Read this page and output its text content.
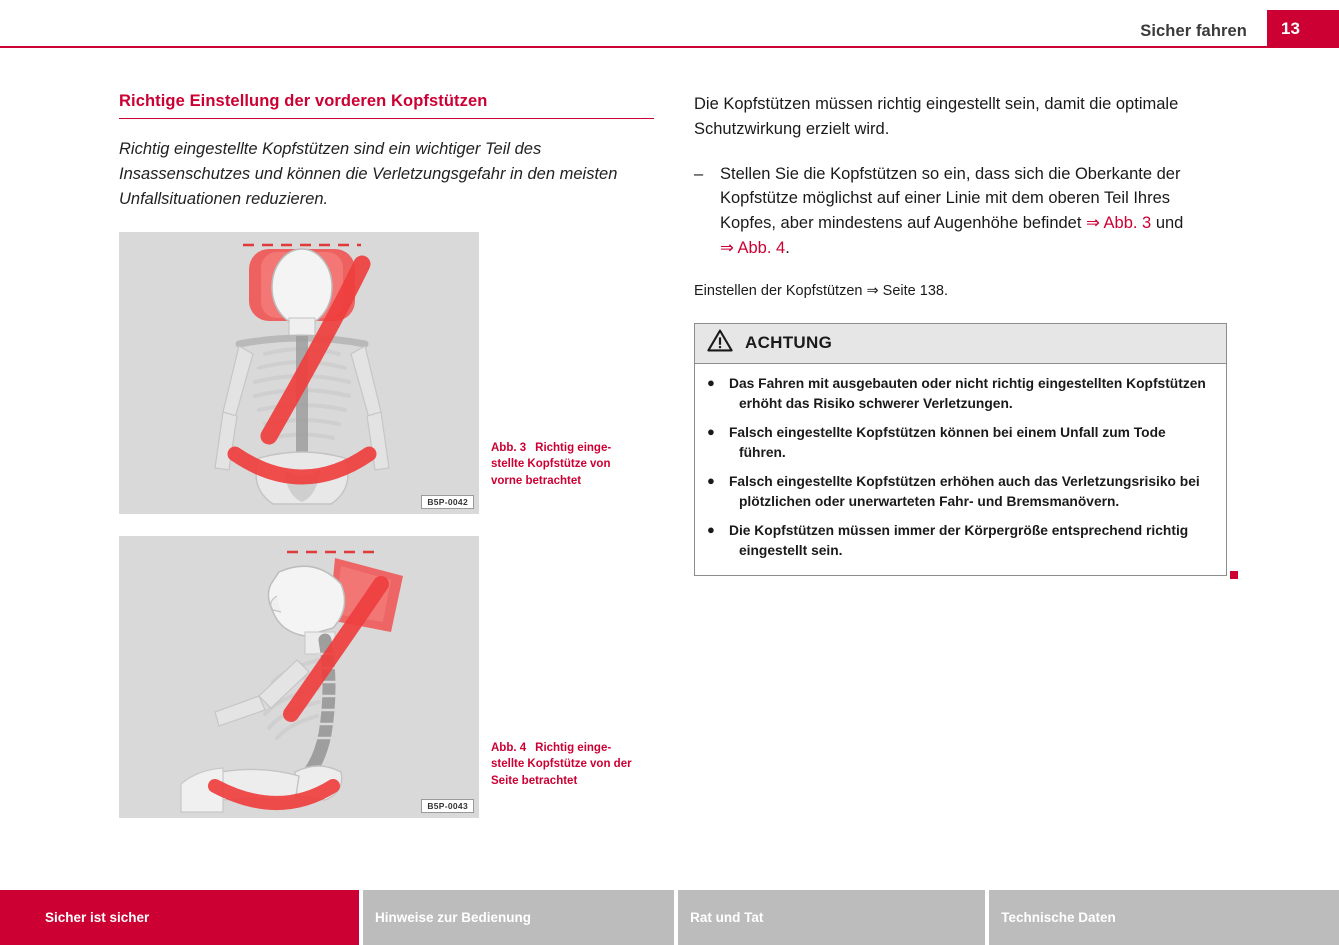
Sicher fahren	13
Richtige Einstellung der vorderen Kopfstützen

Richtig eingestellte Kopfstützen sind ein wichtiger Teil des Insassenschutzes und können die Verletzungsgefahr in den meisten Unfallsituationen reduzieren.

B5P-0042
Abb. 3 Richtig einge-
stellte Kopfstütze von
vorne betrachtet
B5P-0043
Abb. 4 Richtig einge-
stellte Kopfstütze von der
Seite betrachtet

Die Kopfstützen müssen richtig eingestellt sein, damit die optimale Schutzwirkung erzielt wird.

–	Stellen Sie die Kopfstützen so ein, dass sich die Oberkante der Kopfstütze möglichst auf einer Linie mit dem oberen Teil Ihres Kopfes, aber mindestens auf Augenhöhe befindet ⇒ Abb. 3 und ⇒ Abb. 4.

Einstellen der Kopfstützen ⇒ Seite 138.

ACHTUNG
●	Das Fahren mit ausgebauten oder nicht richtig eingestellten Kopfstützen erhöht das Risiko schwerer Verletzungen.
●	Falsch eingestellte Kopfstützen können bei einem Unfall zum Tode führen.
●	Falsch eingestellte Kopfstützen erhöhen auch das Verletzungsrisiko bei plötzlichen oder unerwarteten Fahr- und Bremsmanövern.
●	Die Kopfstützen müssen immer der Körpergröße entsprechend richtig eingestellt sein.
Sicher ist sicher	Hinweise zur Bedienung	Rat und Tat	Technische Daten
